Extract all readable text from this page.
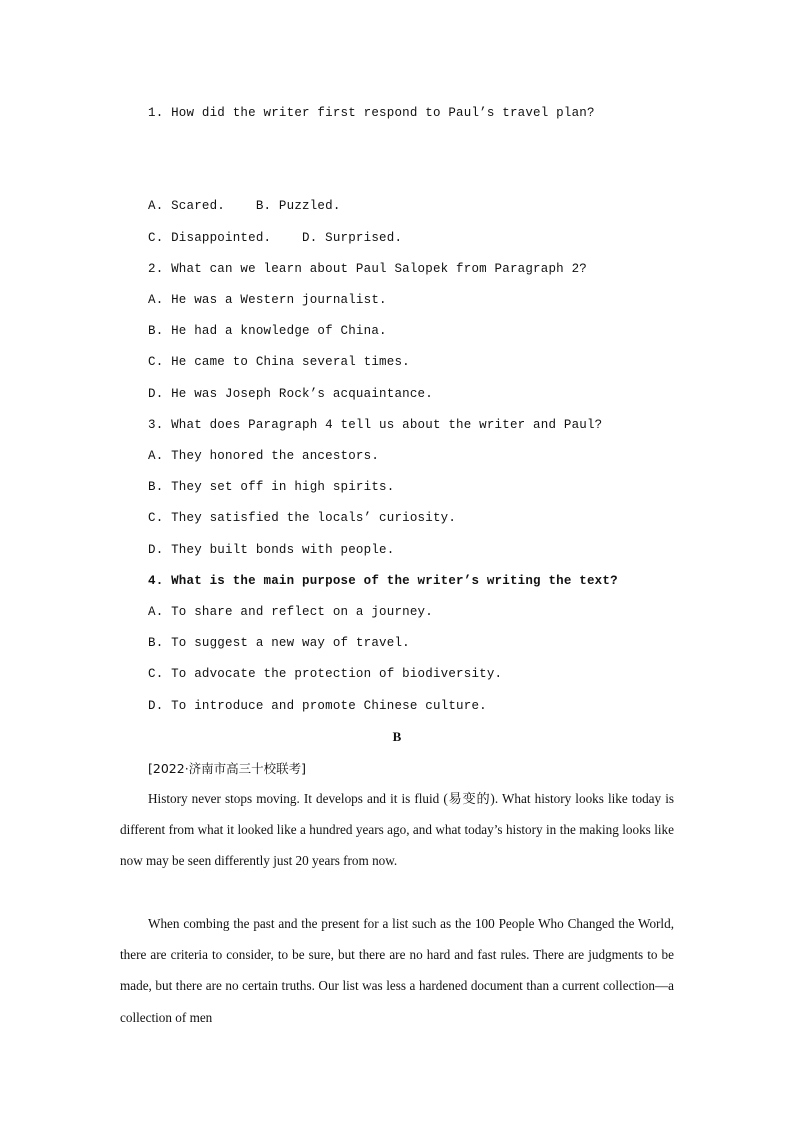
1. How did the writer first respond to Paul’s travel plan?
A. Scared.    B. Puzzled.
C. Disappointed.    D. Surprised.
2. What can we learn about Paul Salopek from Paragraph 2?
A. He was a Western journalist.
B. He had a knowledge of China.
C. He came to China several times.
D. He was Joseph Rock’s acquaintance.
3. What does Paragraph 4 tell us about the writer and Paul?
A. They honored the ancestors.
B. They set off in high spirits.
C. They satisfied the locals’ curiosity.
D. They built bonds with people.
4. What is the main purpose of the writer’s writing the text?
A. To share and reflect on a journey.
B. To suggest a new way of travel.
C. To advocate the protection of biodiversity.
D. To introduce and promote Chinese culture.
B
[2022·济南市高三十校联考]

History never stops moving. It develops and it is fluid (易变的). What history looks like today is different from what it looked like a hundred years ago, and what today’s history in the making looks like now may be seen differently just 20 years from now.

When combing the past and the present for a list such as the 100 People Who Changed the World, there are criteria to consider, to be sure, but there are no hard and fast rules. There are judgments to be made, but there are no certain truths. Our list was less a hardened document than a current collection—a collection of men
